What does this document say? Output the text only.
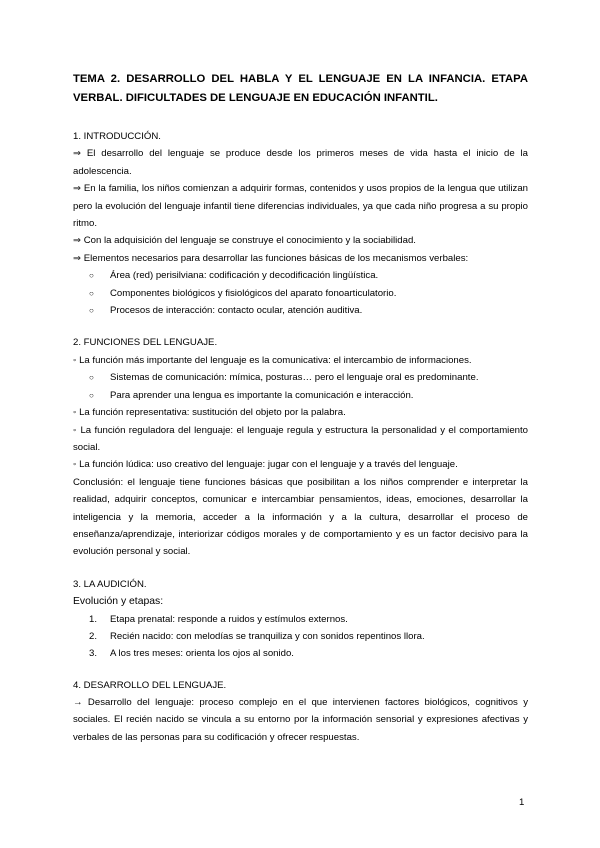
TEMA 2. DESARROLLO DEL HABLA Y EL LENGUAJE EN LA INFANCIA. ETAPA VERBAL. DIFICULTADES DE LENGUAJE EN EDUCACIÓN INFANTIL.

1. INTRODUCCIÓN.

⇒ El desarrollo del lenguaje se produce desde los primeros meses de vida hasta el inicio de la adolescencia.

⇒ En la familia, los niños comienzan a adquirir formas, contenidos y usos propios de la lengua que utilizan pero la evolución del lenguaje infantil tiene diferencias individuales, ya que cada niño progresa a su propio ritmo.

⇒ Con la adquisición del lenguaje se construye el conocimiento y la sociabilidad.

⇒ Elementos necesarios para desarrollar las funciones básicas de los mecanismos verbales:

○ Área (red) perisilviana: codificación y decodificación lingüística.
○ Componentes biológicos y fisiológicos del aparato fonoarticulatorio.
○ Procesos de interacción: contacto ocular, atención auditiva.

2. FUNCIONES DEL LENGUAJE.

◦ La función más importante del lenguaje es la comunicativa: el intercambio de informaciones.

○ Sistemas de comunicación: mímica, posturas… pero el lenguaje oral es predominante.
○ Para aprender una lengua es importante la comunicación e interacción.

◦ La función representativa: sustitución del objeto por la palabra.

◦ La función reguladora del lenguaje: el lenguaje regula y estructura la personalidad y el comportamiento social.

◦ La función lúdica: uso creativo del lenguaje: jugar con el lenguaje y a través del lenguaje.

Conclusión: el lenguaje tiene funciones básicas que posibilitan a los niños comprender e interpretar la realidad, adquirir conceptos, comunicar e intercambiar pensamientos, ideas, emociones, desarrollar la inteligencia y la memoria, acceder a la información y a la cultura, desarrollar el proceso de enseñanza/aprendizaje, interiorizar códigos morales y de comportamiento y es un factor decisivo para la evolución personal y social.

3. LA AUDICIÓN.

Evolución y etapas:

1. Etapa prenatal: responde a ruidos y estímulos externos.
2. Recién nacido: con melodías se tranquiliza y con sonidos repentinos llora.
3. A los tres meses: orienta los ojos al sonido.

4. DESARROLLO DEL LENGUAJE.

→ Desarrollo del lenguaje: proceso complejo en el que intervienen factores biológicos, cognitivos y sociales. El recién nacido se vincula a su entorno por la información sensorial y expresiones afectivas y verbales de las personas para su codificación y ofrecer respuestas.

1
